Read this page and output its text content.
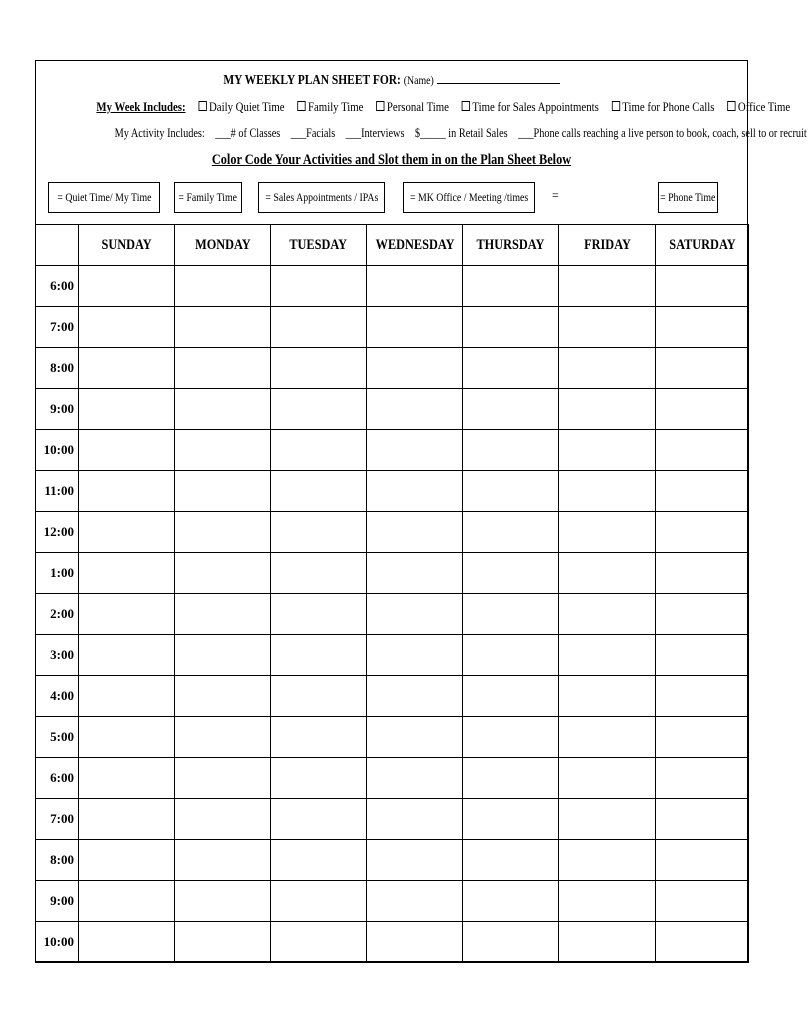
MY WEEKLY PLAN SHEET FOR: (Name)
My Week Includes: Daily Quiet Time Family Time Personal Time Time for Sales Appointments Time for Phone Calls Office Time
My Activity Includes: ___# of Classes ___Facials ___Interviews $_____ in Retail Sales ___Phone calls reaching a live person to book, coach, sell to or recruit
Color Code Your Activities and Slot them in on the Plan Sheet Below
= Quiet Time/ My Time = Family Time = Sales Appointments / IPAs	= MK Office / Meeting /times =	= Phone Time
	SUNDAY	MONDAY	TUESDAY	WEDNESDAY	THURSDAY	FRIDAY	SATURDAY
6:00							
7:00							
8:00							
9:00							
10:00							
11:00							
12:00							
1:00							
2:00							
3:00							
4:00							
5:00							
6:00							
7:00							
8:00							
9:00							
10:00							
